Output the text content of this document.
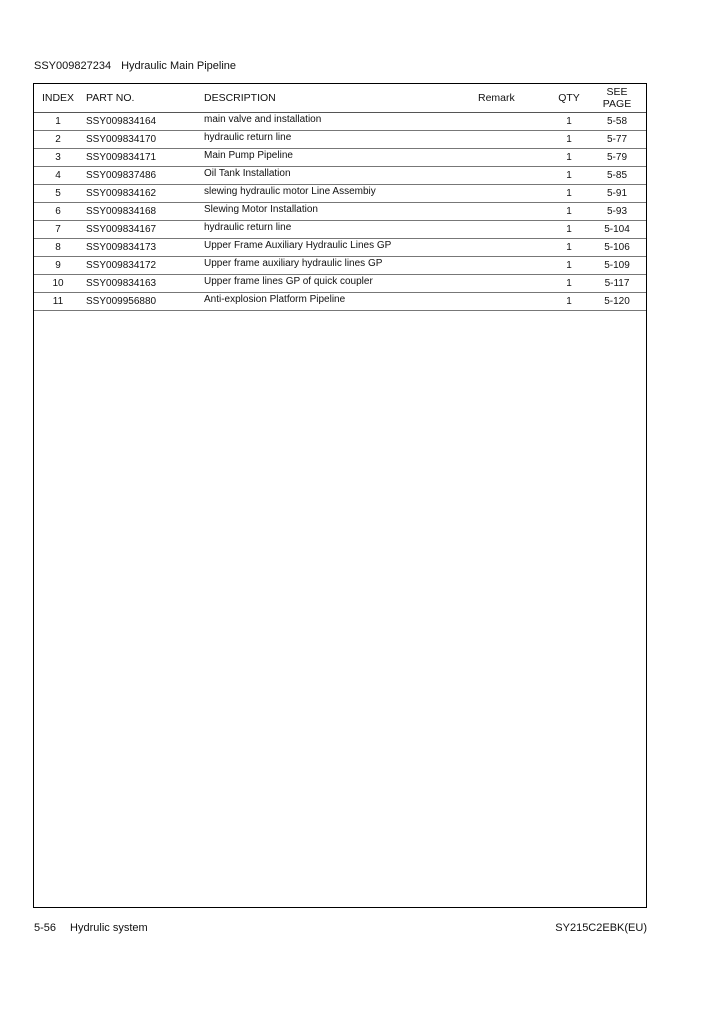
SSY009827234 Hydraulic Main Pipeline
INDEX	PART NO.	DESCRIPTION	Remark	QTY	SEE
PAGE
1	SSY009834164	main valve and installation		1	5-58
2	SSY009834170	hydraulic return line		1	5-77
3	SSY009834171	Main Pump Pipeline		1	5-79
4	SSY009837486	Oil Tank Installation		1	5-85
5	SSY009834162	slewing hydraulic motor Line Assembiy		1	5-91
6	SSY009834168	Slewing Motor Installation		1	5-93
7	SSY009834167	hydraulic return line		1	5-104
8	SSY009834173	Upper Frame Auxiliary Hydraulic Lines GP		1	5-106
9	SSY009834172	Upper frame auxiliary hydraulic lines GP		1	5-109
10	SSY009834163	Upper frame lines GP of quick coupler		1	5-117
11	SSY009956880	Anti-explosion Platform Pipeline		1	5-120
5-56 Hydrulic system	SY215C2EBK(EU)
